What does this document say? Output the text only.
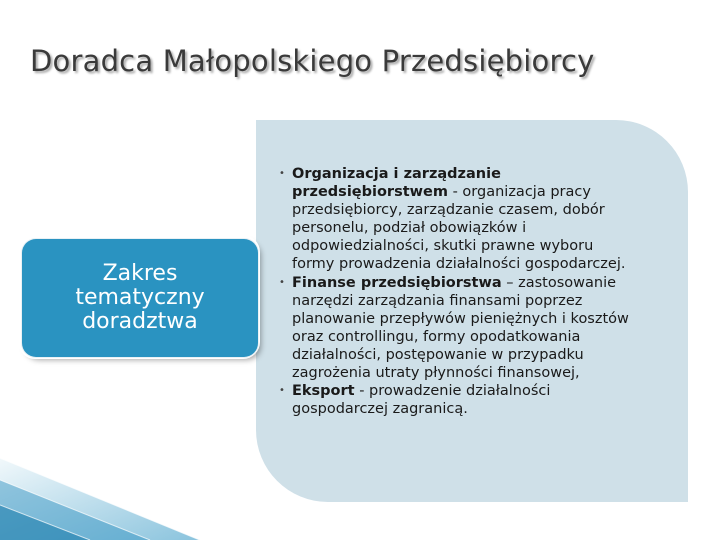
Doradca Małopolskiego Przedsiębiorcy
Zakres
tematyczny
doradztwa
• Organizacja i zarządzanie przedsiębiorstwem - organizacja pracy przedsiębiorcy, zarządzanie czasem, dobór personelu, podział obowiązków i odpowiedzialności, skutki prawne wyboru formy prowadzenia działalności gospodarczej.
• Finanse przedsiębiorstwa – zastosowanie narzędzi zarządzania finansami poprzez planowanie przepływów pieniężnych i kosztów oraz controllingu, formy opodatkowania działalności, postępowanie w przypadku zagrożenia utraty płynności finansowej,
• Eksport - prowadzenie działalności gospodarczej zagranicą.
